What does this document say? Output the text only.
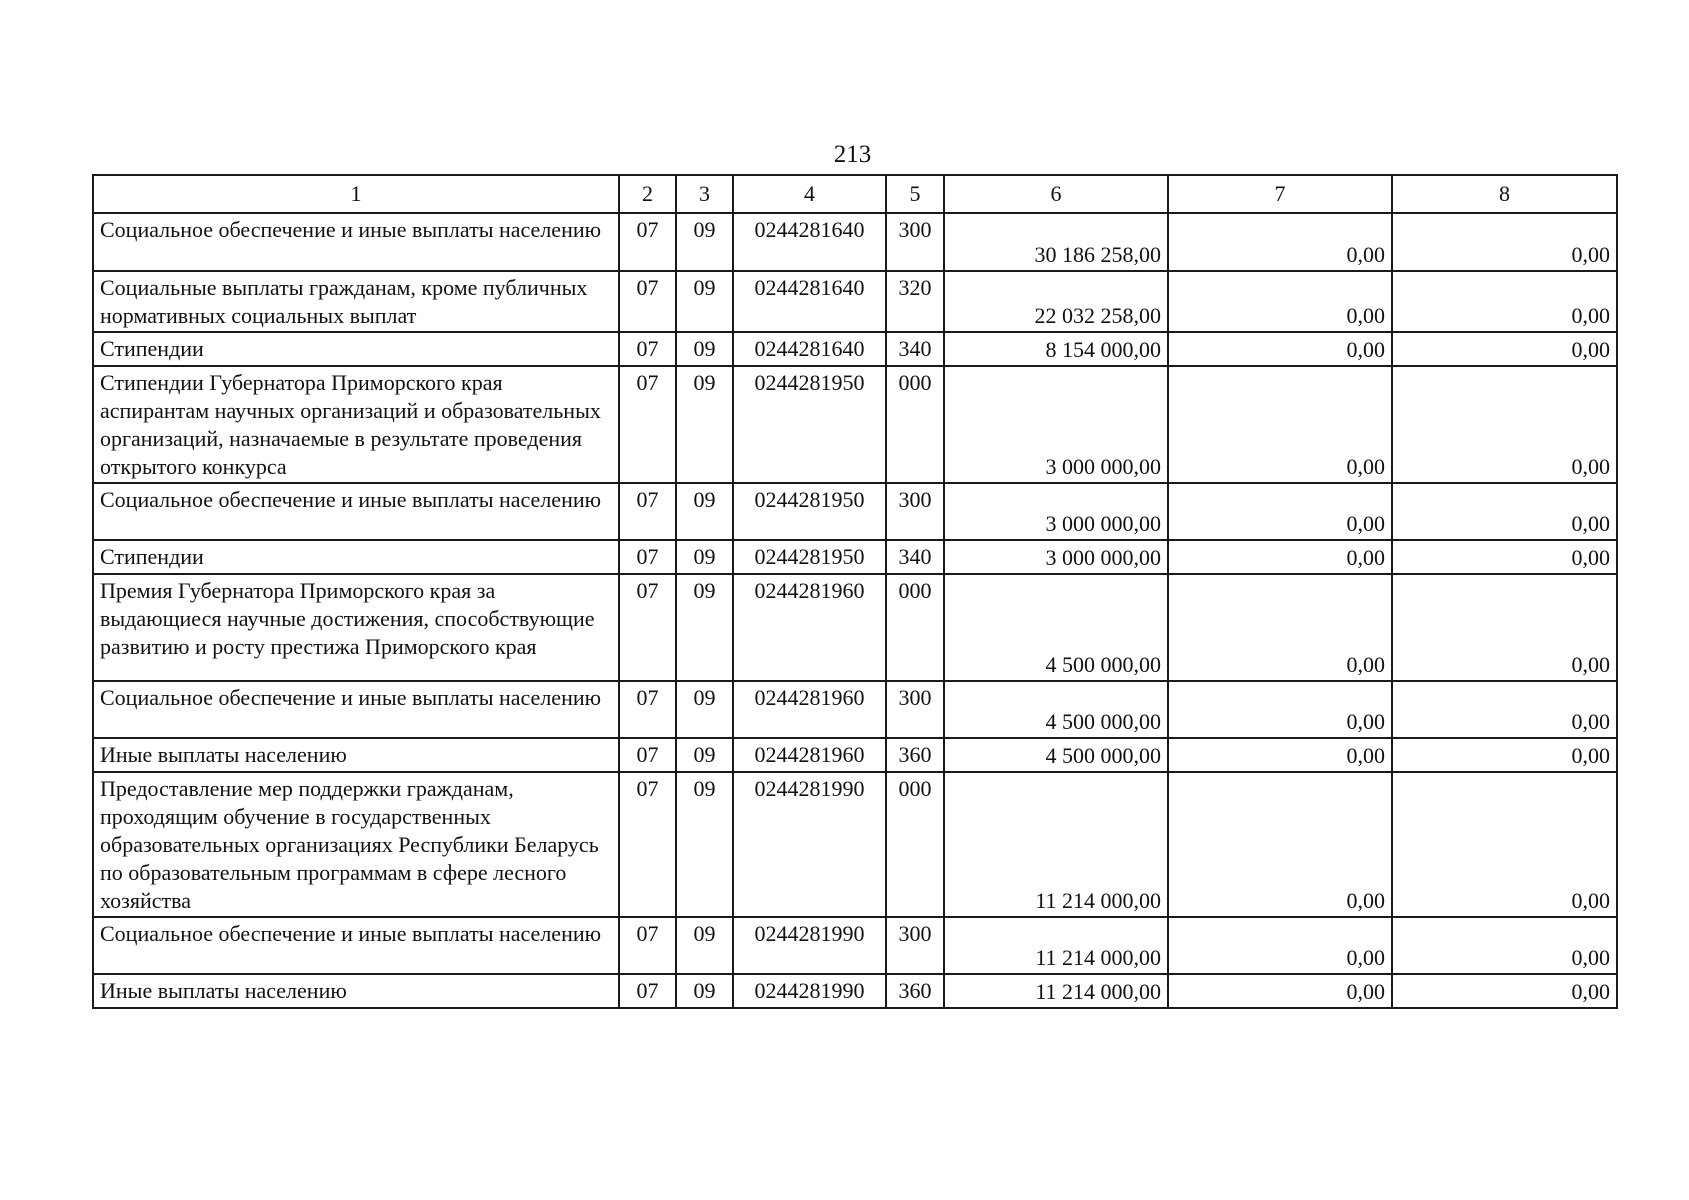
213
1	2	3	4	5	6	7	8
Социальное обеспечение и иные выплаты населению	07	09	0244281640	300	30 186 258,00	0,00	0,00
Социальные выплаты гражданам, кроме публичных нормативных социальных выплат	07	09	0244281640	320	22 032 258,00	0,00	0,00
Стипендии	07	09	0244281640	340	8 154 000,00	0,00	0,00
Стипендии Губернатора Приморского края аспирантам научных организаций и образовательных организаций, назначаемые в результате проведения открытого конкурса	07	09	0244281950	000	3 000 000,00	0,00	0,00
Социальное обеспечение и иные выплаты населению	07	09	0244281950	300	3 000 000,00	0,00	0,00
Стипендии	07	09	0244281950	340	3 000 000,00	0,00	0,00
Премия Губернатора Приморского края за выдающиеся научные достижения, способствующие развитию и росту престижа Приморского края	07	09	0244281960	000	4 500 000,00	0,00	0,00
Социальное обеспечение и иные выплаты населению	07	09	0244281960	300	4 500 000,00	0,00	0,00
Иные выплаты населению	07	09	0244281960	360	4 500 000,00	0,00	0,00
Предоставление мер поддержки гражданам, проходящим обучение в государственных образовательных организациях Республики Беларусь по образовательным программам в сфере лесного хозяйства	07	09	0244281990	000	11 214 000,00	0,00	0,00
Социальное обеспечение и иные выплаты населению	07	09	0244281990	300	11 214 000,00	0,00	0,00
Иные выплаты населению	07	09	0244281990	360	11 214 000,00	0,00	0,00
